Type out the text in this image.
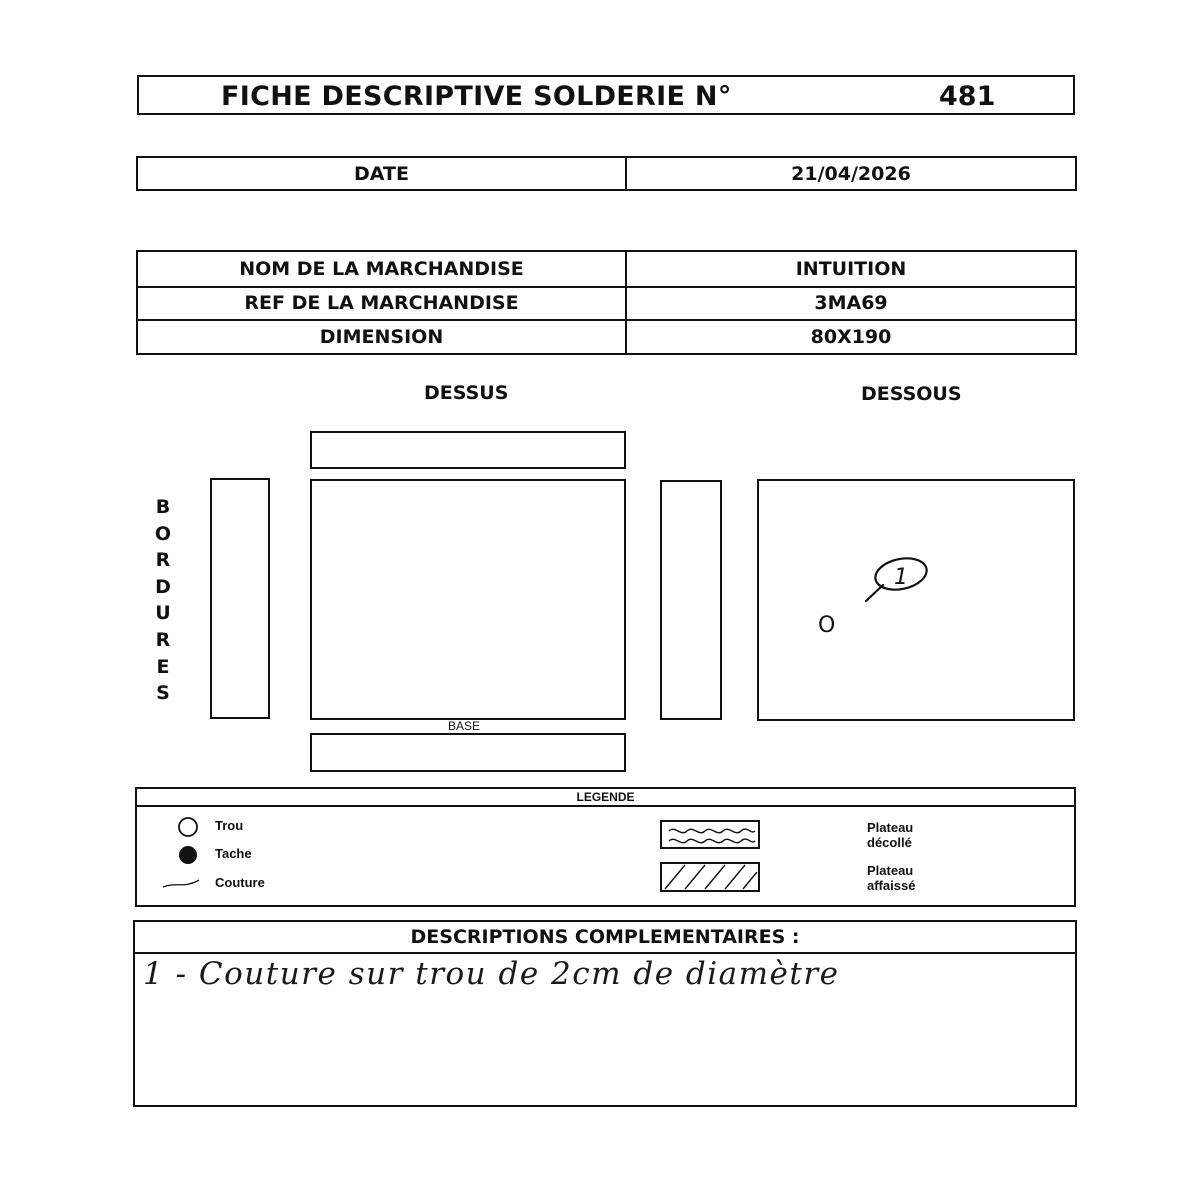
FICHE DESCRIPTIVE SOLDERIE N°	481
DATE	21/04/2026
NOM DE LA MARCHANDISE	INTUITION
REF DE LA MARCHANDISE	3MA69
DIMENSION	80X190
DESSUS	DESSOUS
B
O
R
D
U
R
E
S
BASE
1
O
LEGENDE
Trou
Tache
Couture
Plateau
décollé
Plateau
affaissé
DESCRIPTIONS COMPLEMENTAIRES :
1 - Couture sur trou de 2cm de diamètre
